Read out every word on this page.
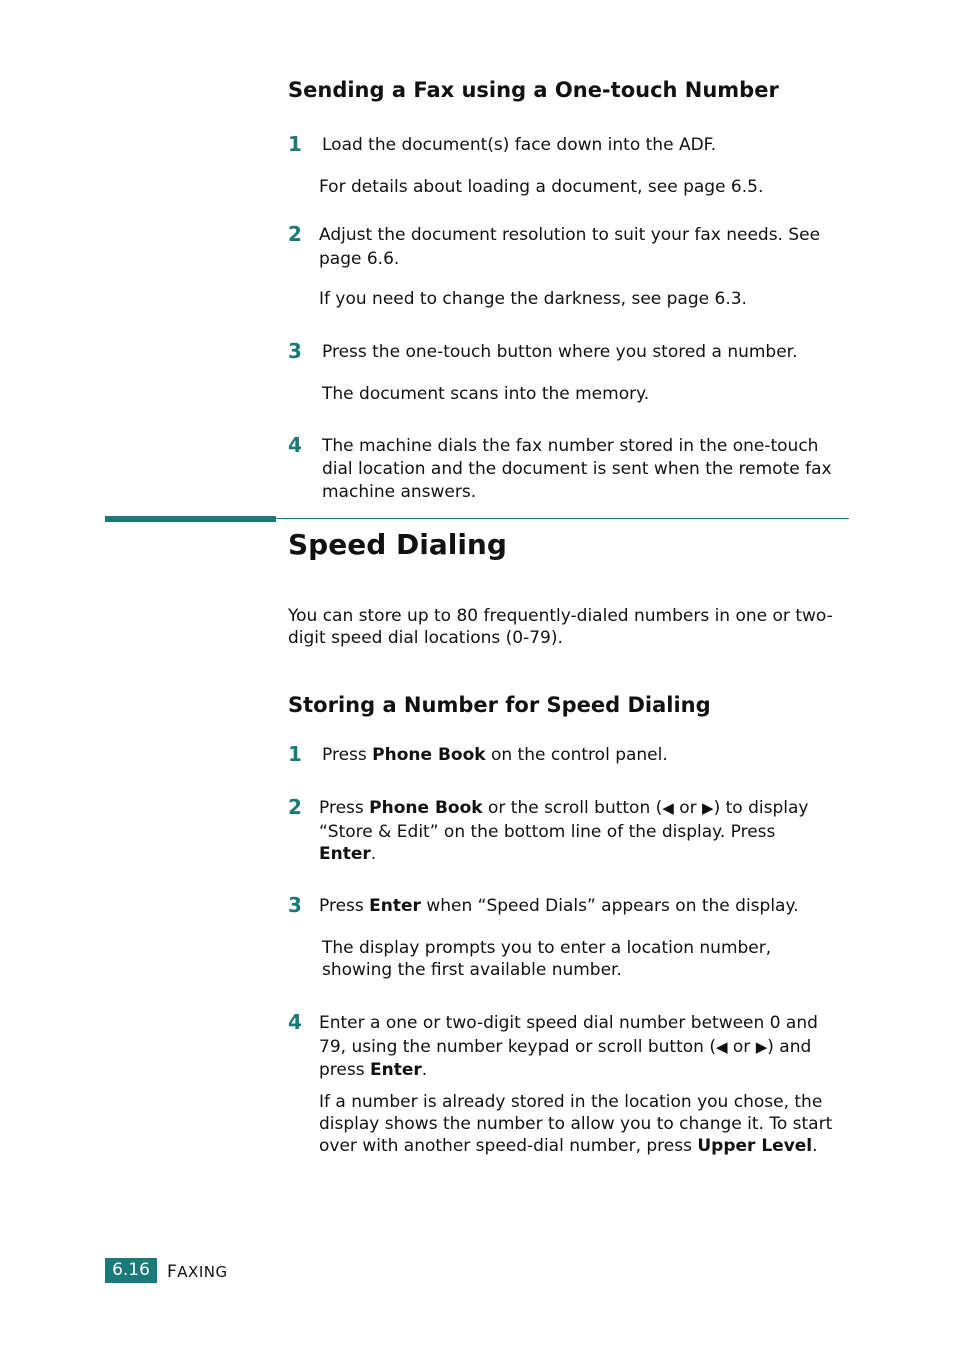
Sending a Fax using a One-touch Number
1 Load the document(s) face down into the ADF.
For details about loading a document, see page 6.5.
2 Adjust the document resolution to suit your fax needs. See
page 6.6.
If you need to change the darkness, see page 6.3.
3 Press the one-touch button where you stored a number.
The document scans into the memory.
4 The machine dials the fax number stored in the one-touch
dial location and the document is sent when the remote fax
machine answers.
Speed Dialing
You can store up to 80 frequently-dialed numbers in one or two-
digit speed dial locations (0-79).
Storing a Number for Speed Dialing
1 Press Phone Book on the control panel.
2 Press Phone Book or the scroll button (◀ or ▶) to display
“Store & Edit” on the bottom line of the display. Press
Enter.
3 Press Enter when “Speed Dials” appears on the display.
The display prompts you to enter a location number,
showing the first available number.
4 Enter a one or two-digit speed dial number between 0 and
79, using the number keypad or scroll button (◀ or ▶) and
press Enter.
If a number is already stored in the location you chose, the
display shows the number to allow you to change it. To start
over with another speed-dial number, press Upper Level.
6.16	FAXING
